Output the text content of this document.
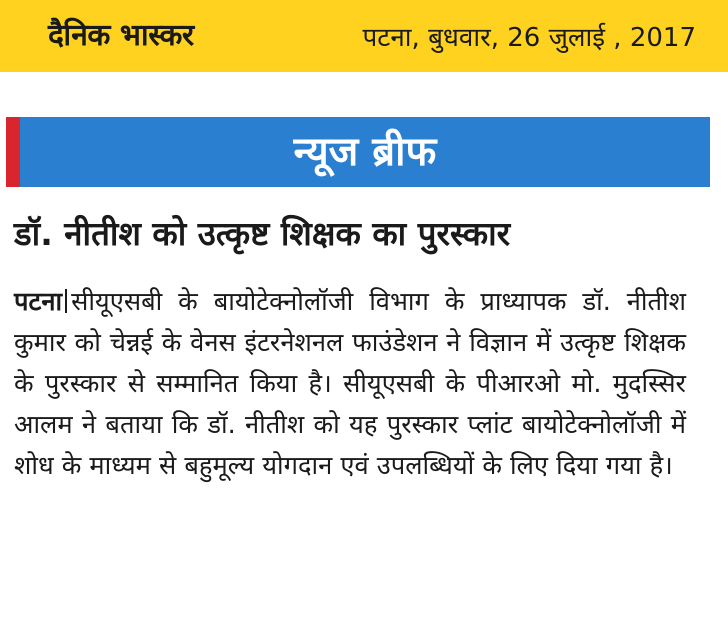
दैनिक भास्कर	पटना, बुधवार, 26 जुलाई , 2017
न्यूज ब्रीफ
डॉ. नीतीश को उत्कृष्ट शिक्षक का पुरस्कार
पटना सीयूएसबी के बायोटेक्नोलॉजी विभाग के प्राध्यापक डॉ. नीतीश कुमार को चेन्नई के वेनस इंटरनेशनल फाउंडेशन ने विज्ञान में उत्कृष्ट शिक्षक के पुरस्कार से सम्मानित किया है। सीयूएसबी के पीआरओ मो. मुदस्सिर आलम ने बताया कि डॉ. नीतीश को यह पुरस्कार प्लांट बायोटेक्नोलॉजी में शोध के माध्यम से बहुमूल्य योगदान एवं उपलब्धियों के लिए दिया गया है।
